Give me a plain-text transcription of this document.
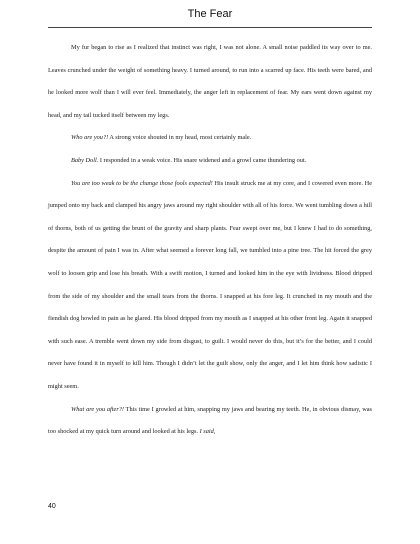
The Fear

My fur began to rise as I realized that instinct was right, I was not alone. A small noise paddled its way over to me. Leaves crunched under the weight of something heavy. I turned around, to run into a scarred up face. His teeth were bared, and he looked more wolf than I will ever feel. Immediately, the anger left in replacement of fear. My ears went down against my head, and my tail tucked itself between my legs.

Who are you?! A strong voice shouted in my head, most certainly male.

Baby Doll. I responded in a weak voice. His snare widened and a growl came thundering out.

You are too weak to be the change those fools expected! His insult struck me at my core, and I cowered even more. He jumped onto my back and clamped his angry jaws around my right shoulder with all of his force. We went tumbling down a hill of thorns, both of us getting the brunt of the gravity and sharp plants. Fear swept over me, but I knew I had to do something, despite the amount of pain I was in. After what seemed a forever long fall, we tumbled into a pine tree. The hit forced the grey wolf to loosen grip and lose his breath. With a swift motion, I turned and looked him in the eye with lividness. Blood dripped from the side of my shoulder and the small tears from the thorns. I snapped at his fore leg. It crunched in my mouth and the fiendish dog howled in pain as he glared. His blood dripped from my mouth as I snapped at his other front leg. Again it snapped with such ease. A tremble went down my side from disgust, to guilt. I would never do this, but it’s for the better, and I could never have found it in myself to kill him. Though I didn’t let the guilt show, only the anger, and I let him think how sadistic I might seem.

What are you after?! This time I growled at him, snapping my jaws and bearing my teeth. He, in obvious dismay, was too shocked at my quick turn around and looked at his legs. I said,

40
